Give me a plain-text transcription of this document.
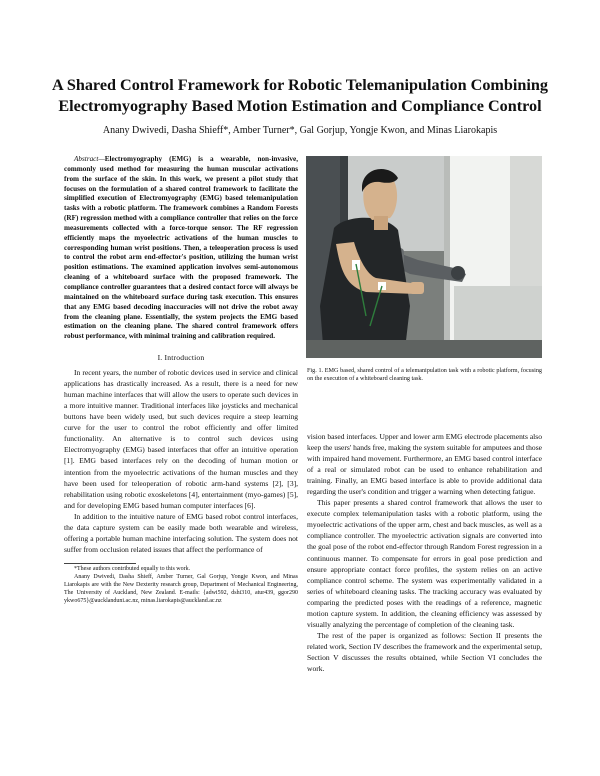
A Shared Control Framework for Robotic Telemanipulation Combining
Electromyography Based Motion Estimation and Compliance Control
Anany Dwivedi, Dasha Shieff*, Amber Turner*, Gal Gorjup, Yongje Kwon, and Minas Liarokapis

Abstract—Electromyography (EMG) is a wearable, non-invasive, commonly used method for measuring the human muscular activations from the surface of the skin. In this work, we present a pilot study that focuses on the formulation of a shared control framework to facilitate the simplified execution of Electromyography (EMG) based telemanipulation tasks with a robotic platform. The framework combines a Random Forests (RF) regression method with a compliance controller that relies on the force measurements collected with a force-torque sensor. The RF regression efficiently maps the myoelectric activations of the human muscles to corresponding human wrist positions. Then, a teleoperation process is used to control the robot arm end-effector's position, utilizing the human wrist position estimations. The examined application involves semi-autonomous cleaning of a whiteboard surface with the proposed framework. The compliance controller guarantees that a desired contact force will always be maintained on the whiteboard surface during task execution. This ensures that any EMG based decoding inaccuracies will not drive the robot away from the cleaning plane. Essentially, the system projects the EMG based estimation on the cleaning plane. The shared control framework offers robust performance, with minimal training and calibration required.

I. Introduction

In recent years, the number of robotic devices used in service and clinical applications has drastically increased. As a result, there is a need for new human machine interfaces that will allow the users to operate such devices in a more intuitive manner. Traditional interfaces like joysticks and mechanical buttons have been widely used, but such devices require a steep learning curve for the user to control the robot efficiently and offer limited functionality. An alternative is to control such devices using Electromyography (EMG) based interfaces that offer an intuitive operation [1]. EMG based interfaces rely on the decoding of human motion or intention from the myoelectric activations of the human muscles and they have been used for teleoperation of robotic arm-hand systems [2], [3], rehabilitation using robotic exoskeletons [4], entertainment (myo-games) [5], and for developing EMG based human computer interfaces [6].

In addition to the intuitive nature of EMG based robot control interfaces, the data capture system can be easily made both wearable and wireless, offering a portable human machine interfacing solution. The system does not suffer from occlusion related issues that affect the performance of

*These authors contributed equally to this work.

Anany Dwivedi, Dasha Shieff, Amber Turner, Gal Gorjup, Yongje Kwon, and Minas Liarokapis are with the New Dexterity research group, Department of Mechanical Engineering, The University of Auckland, New Zealand. E-mails: {adwi592, dshi310, atur439, ggor290 ykwo675}@aucklanduni.ac.nz, minas.liarokapis@auckland.ac.nz

Fig. 1. EMG based, shared control of a telemanipulation task with a robotic platform, focusing on the execution of a whiteboard cleaning task.

vision based interfaces. Upper and lower arm EMG electrode placements also keep the users' hands free, making the system suitable for amputees and those with impaired hand movement. Furthermore, an EMG based control interface of a real or simulated robot can be used to enhance rehabilitation and training. Finally, an EMG based interface is able to provide additional data regarding the user's condition and trigger a warning when detecting fatigue.

This paper presents a shared control framework that allows the user to execute complex telemanipulation tasks with a robotic platform, using the myoelectric activations of the upper arm, chest and back muscles, as well as a compliance controller. The myoelectric activation signals are converted into the goal pose of the robot end-effector through Random Forest regression in a continuous manner. To compensate for errors in goal pose prediction and ensure appropriate contact force profiles, the system relies on an active compliance control scheme. The system was experimentally validated in a series of whiteboard cleaning tasks. The tracking accuracy was evaluated by comparing the predicted poses with the readings of a reference, magnetic motion capture system. In addition, the cleaning efficiency was assessed by visually analyzing the percentage of completion of the cleaning task.

The rest of the paper is organized as follows: Section II presents the related work, Section IV describes the framework and the experimental setup, Section V discusses the results obtained, while Section VI concludes the work.
